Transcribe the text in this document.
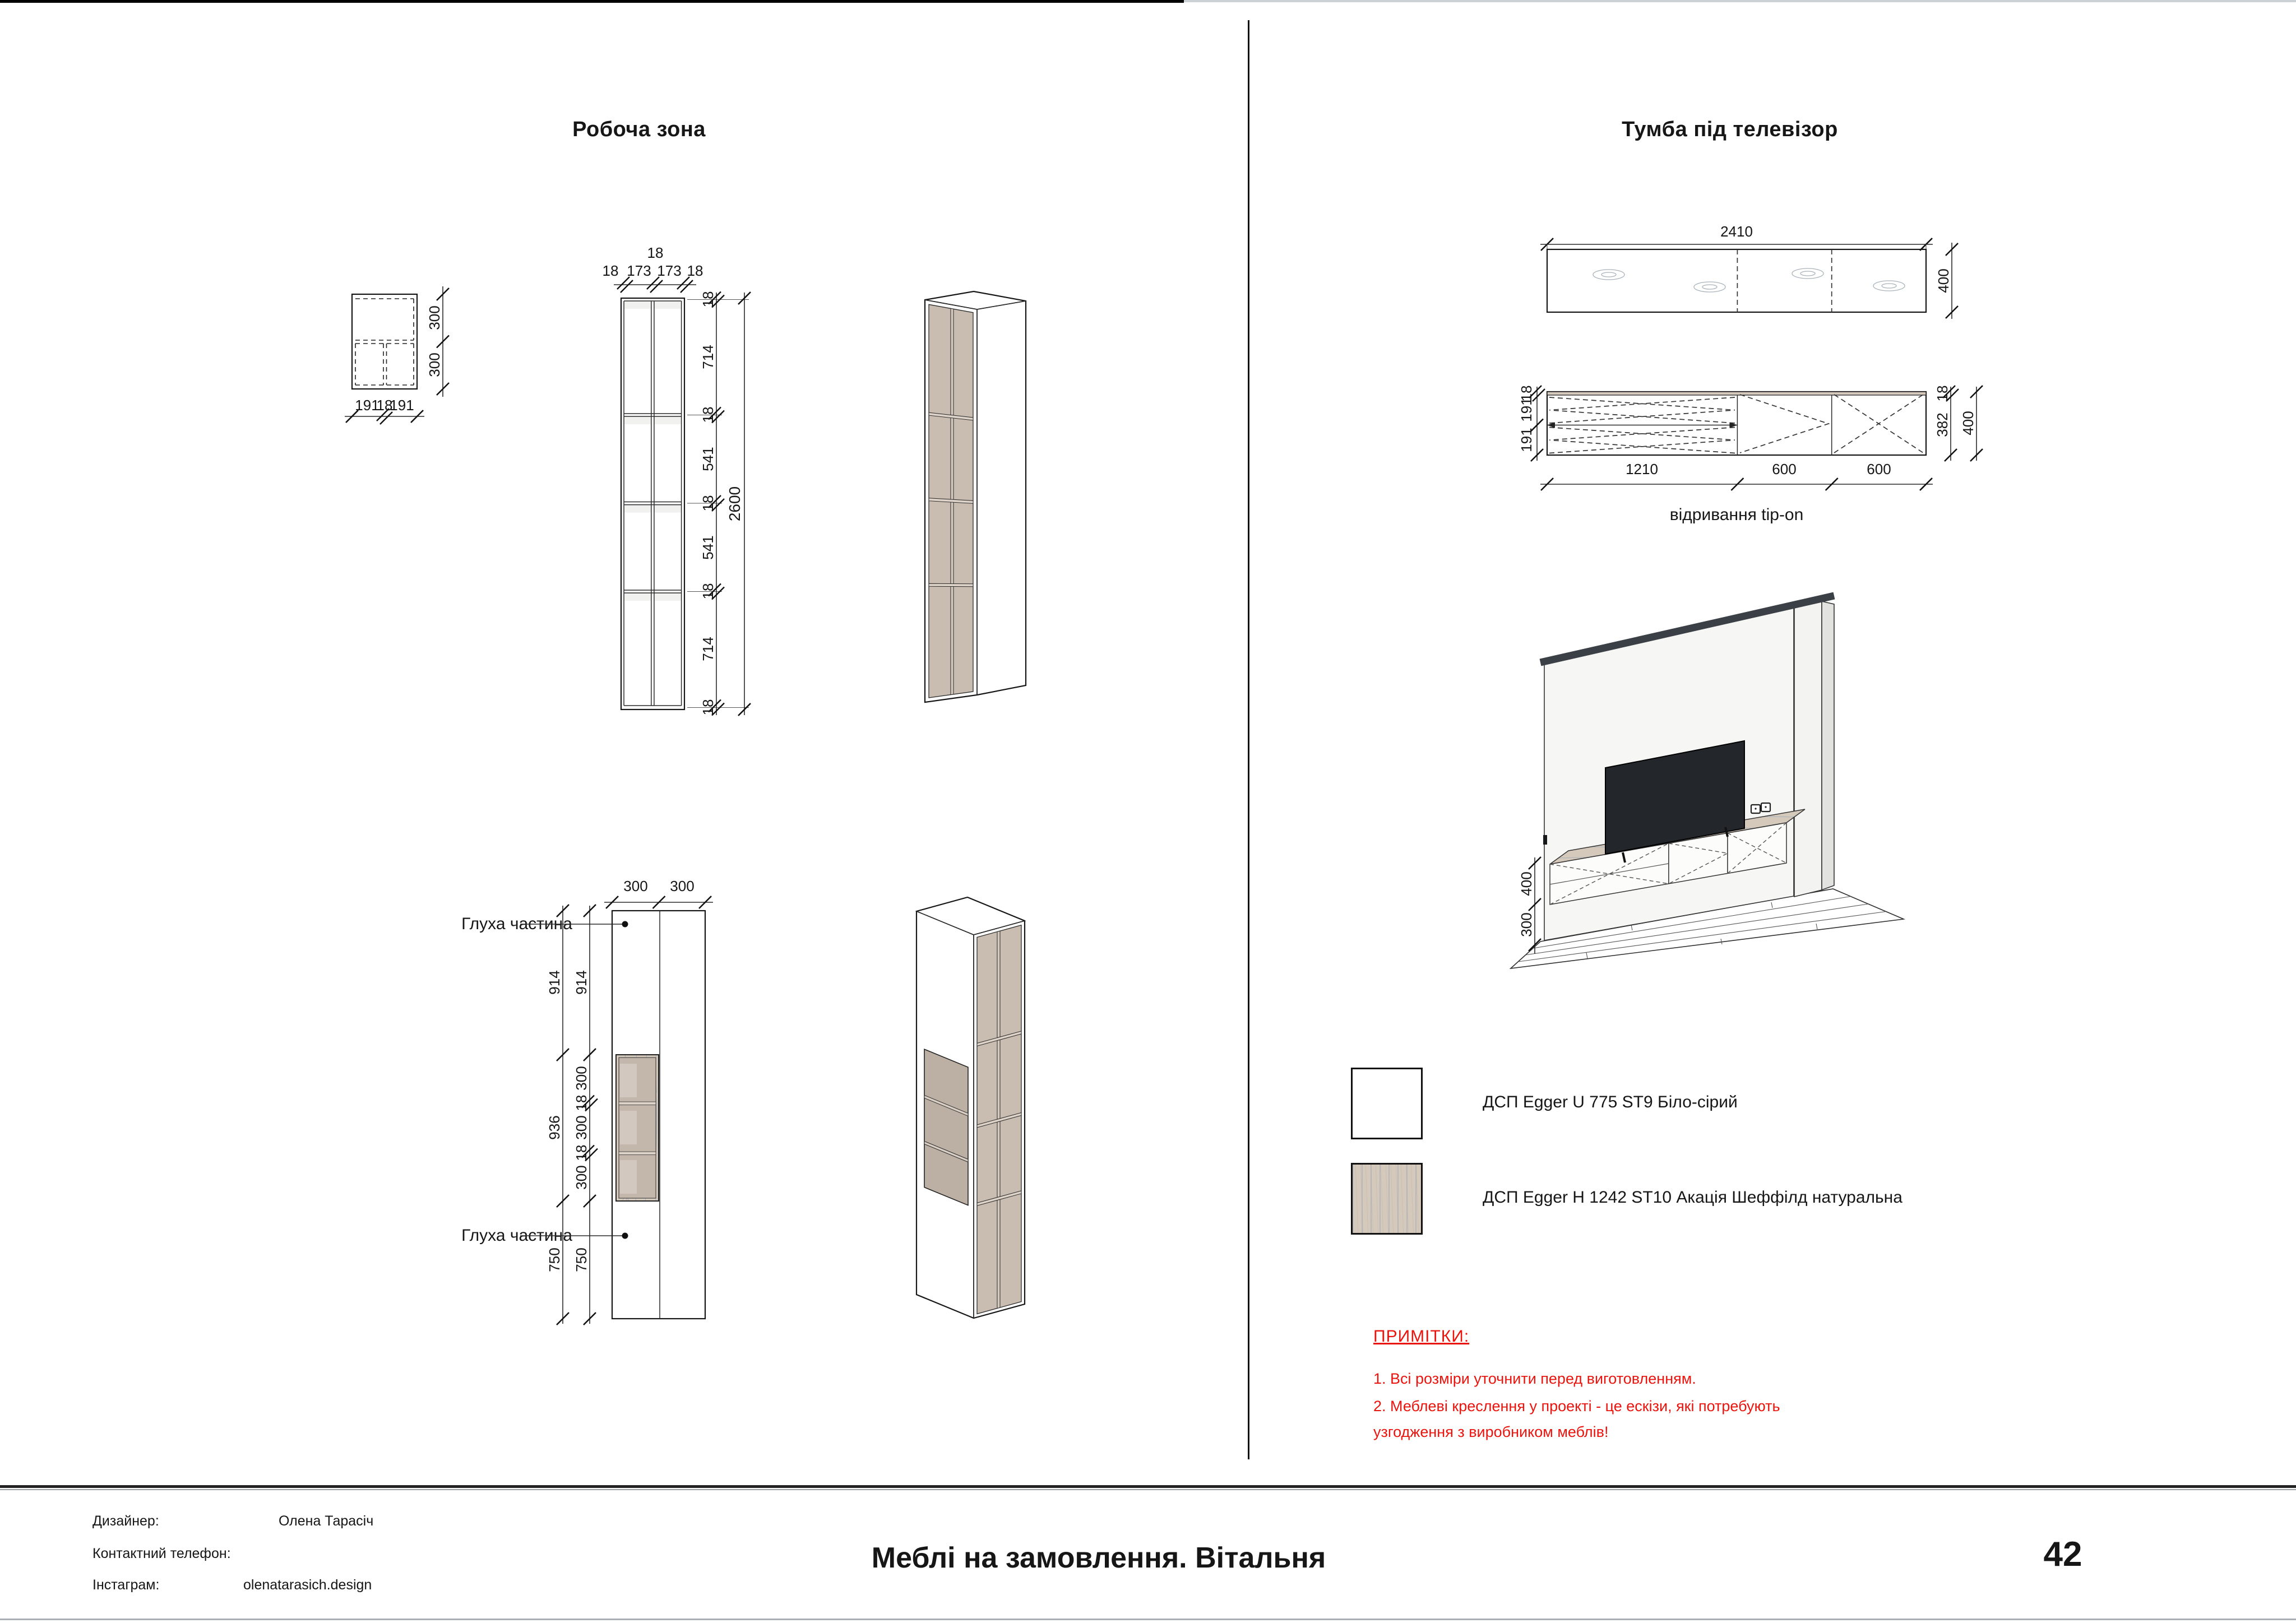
Робоча зона	Тумба під телевізор
300
300
191
18
191
18
18 173 173 18
18
714
18
541
18
541
18
714
18
2600
300 300
914
936
750
914
300
18
300
18
300
750
Глуха частина
Глуха частина
2410
400
18
191
191
18
382 400
1210	600	600
відривання tip-on
400
300
ДСП Egger U 775 ST9 Біло-сірий
ДСП Egger H 1242 ST10 Акація Шеффілд натуральна
ПРИМІТКИ:
1. Всі розміри уточнити перед виготовленням.
2. Меблеві креслення у проекті - це ескізи, які потребують
узгодження з виробником меблів!
Дизайнер:	Олена Тарасіч
Контактний телефон:
Інстаграм:	olenatarasich.design
Меблі на замовлення. Вітальня	42
